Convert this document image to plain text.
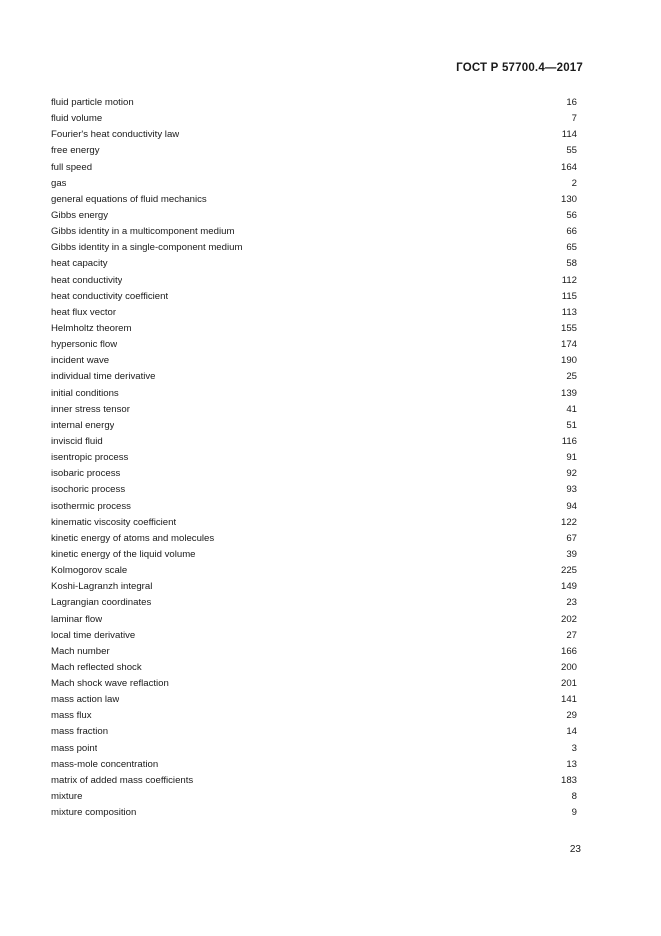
ГОСТ Р 57700.4—2017
fluid particle motion	16
fluid volume	7
Fourier's heat conductivity law	114
free energy	55
full speed	164
gas	2
general equations of fluid mechanics	130
Gibbs energy	56
Gibbs identity in a multicomponent medium	66
Gibbs identity in a single-component medium	65
heat capacity	58
heat conductivity	112
heat conductivity coefficient	115
heat flux vector	113
Helmholtz theorem	155
hypersonic flow	174
incident wave	190
individual time derivative	25
initial conditions	139
inner stress tensor	41
internal energy	51
inviscid fluid	116
isentropic process	91
isobaric process	92
isochoric process	93
isothermic process	94
kinematic viscosity coefficient	122
kinetic energy of atoms and molecules	67
kinetic energy of the liquid volume	39
Kolmogorov scale	225
Koshi-Lagranzh integral	149
Lagrangian coordinates	23
laminar flow	202
local time derivative	27
Mach number	166
Mach reflected shock	200
Mach shock wave reflaction	201
mass action law	141
mass flux	29
mass fraction	14
mass point	3
mass-mole concentration	13
matrix of added mass coefficients	183
mixture	8
mixture composition	9
23
